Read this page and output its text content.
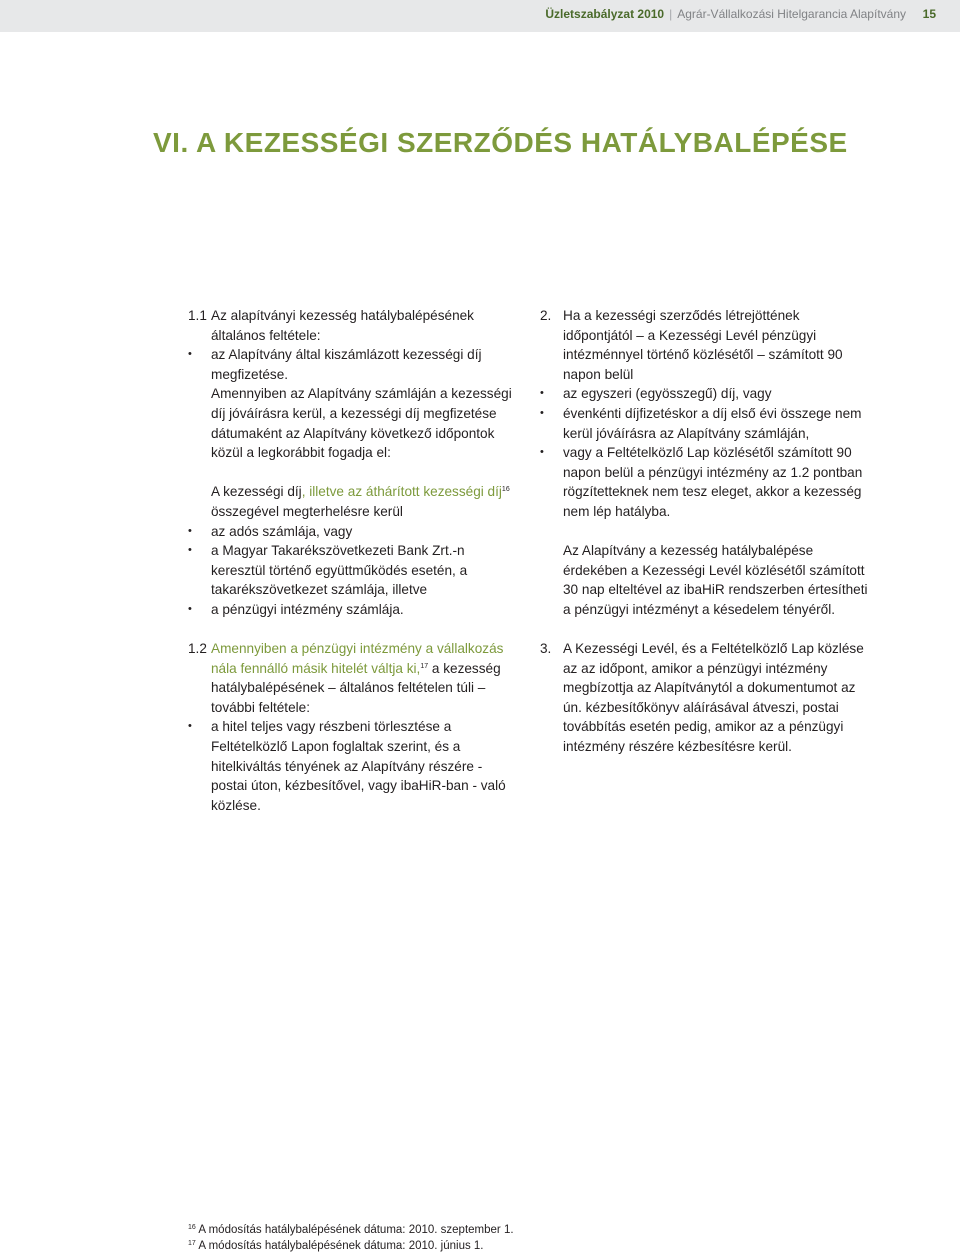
Üzletszabályzat 2010 | Agrár-Vállalkozási Hitelgarancia Alapítvány 15
VI. A KEZESSÉGI SZERZŐDÉS HATÁLYBALÉPÉSE
1.1 Az alapítványi kezesség hatálybalépésének általános feltétele:

• az Alapítvány által kiszámlázott kezességi díj megfizetése.

Amennyiben az Alapítvány számláján a kezességi díj jóváírásra kerül, a kezességi díj megfizetése dátumaként az Alapítvány következő időpontok közül a legkorábbit fogadja el:

A kezességi díj, illetve az áthárított kezességi díj$^{16}$ összegével megterhelésre kerül

• az adós számlája, vagy
• a Magyar Takarékszövetkezeti Bank Zrt.-n keresztül történő együttműködés esetén, a takarékszövetkezet számlája, illetve
• a pénzügyi intézmény számlája.
1.2 Amennyiben a pénzügyi intézmény a vállalkozás nála fennálló másik hitelét váltja ki,$^{17}$ a kezesség hatálybalépésének – általános feltételen túli – további feltétele:

• a hitel teljes vagy részbeni törlesztése a Feltételközlő Lapon foglaltak szerint, és a hitelkiváltás tényének az Alapítvány részére - postai úton, kézbesítővel, vagy ibaHiR-ban - való közlése.
2. Ha a kezességi szerződés létrejöttének időpontjától – a Kezességi Levél pénzügyi intézménnyel történő közlésétől – számított 90 napon belül

• az egyszeri (egyösszegű) díj, vagy
• évenkénti díjfizetéskor a díj első évi összege nem kerül jóváírásra az Alapítvány számláján,
• vagy a Feltételközlő Lap közlésétől számított 90 napon belül a pénzügyi intézmény az 1.2 pontban rögzítetteknek nem tesz eleget, akkor a kezesség nem lép hatályba.

Az Alapítvány a kezesség hatálybalépése érdekében a Kezességi Levél közlésétől számított 30 nap elteltével az ibaHiR rendszerben értesítheti a pénzügyi intézményt a késedelem tényéről.

3. A Kezességi Levél, és a Feltételközlő Lap közlése az az időpont, amikor a pénzügyi intézmény megbízottja az Alapítványtól a dokumentumot az ún. kézbesítőkönyv aláírásával átveszi, postai továbbítás esetén pedig, amikor az a pénzügyi intézmény részére kézbesítésre kerül.

$^{16}$ A módosítás hatálybalépésének dátuma: 2010. szeptember 1.
$^{17}$ A módosítás hatálybalépésének dátuma: 2010. június 1.
